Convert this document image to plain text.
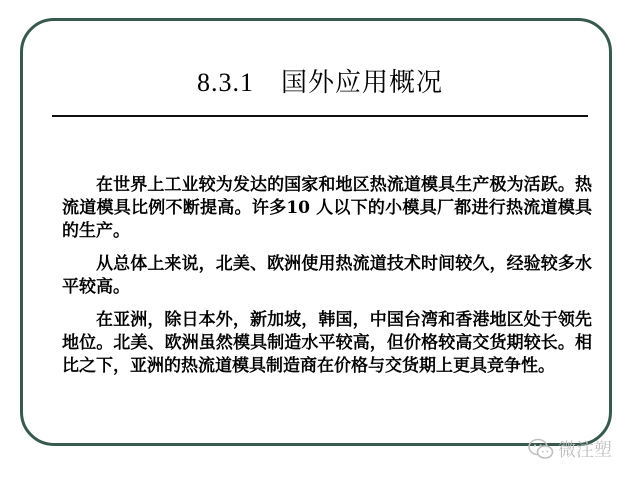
8.3.1　国外应用概况

在世界上工业较为发达的国家和地区热流道模具生产极为活跃。热流道模具比例不断提高。许多10 人以下的小模具厂都进行热流道模具的生产。

从总体上来说，北美、欧洲使用热流道技术时间较久，经验较多水平较高。

在亚洲，除日本外，新加坡，韩国，中国台湾和香港地区处于领先地位。北美、欧洲虽然模具制造水平较高，但价格较高交货期较长。相比之下，亚洲的热流道模具制造商在价格与交货期上更具竞争性。

微注塑
